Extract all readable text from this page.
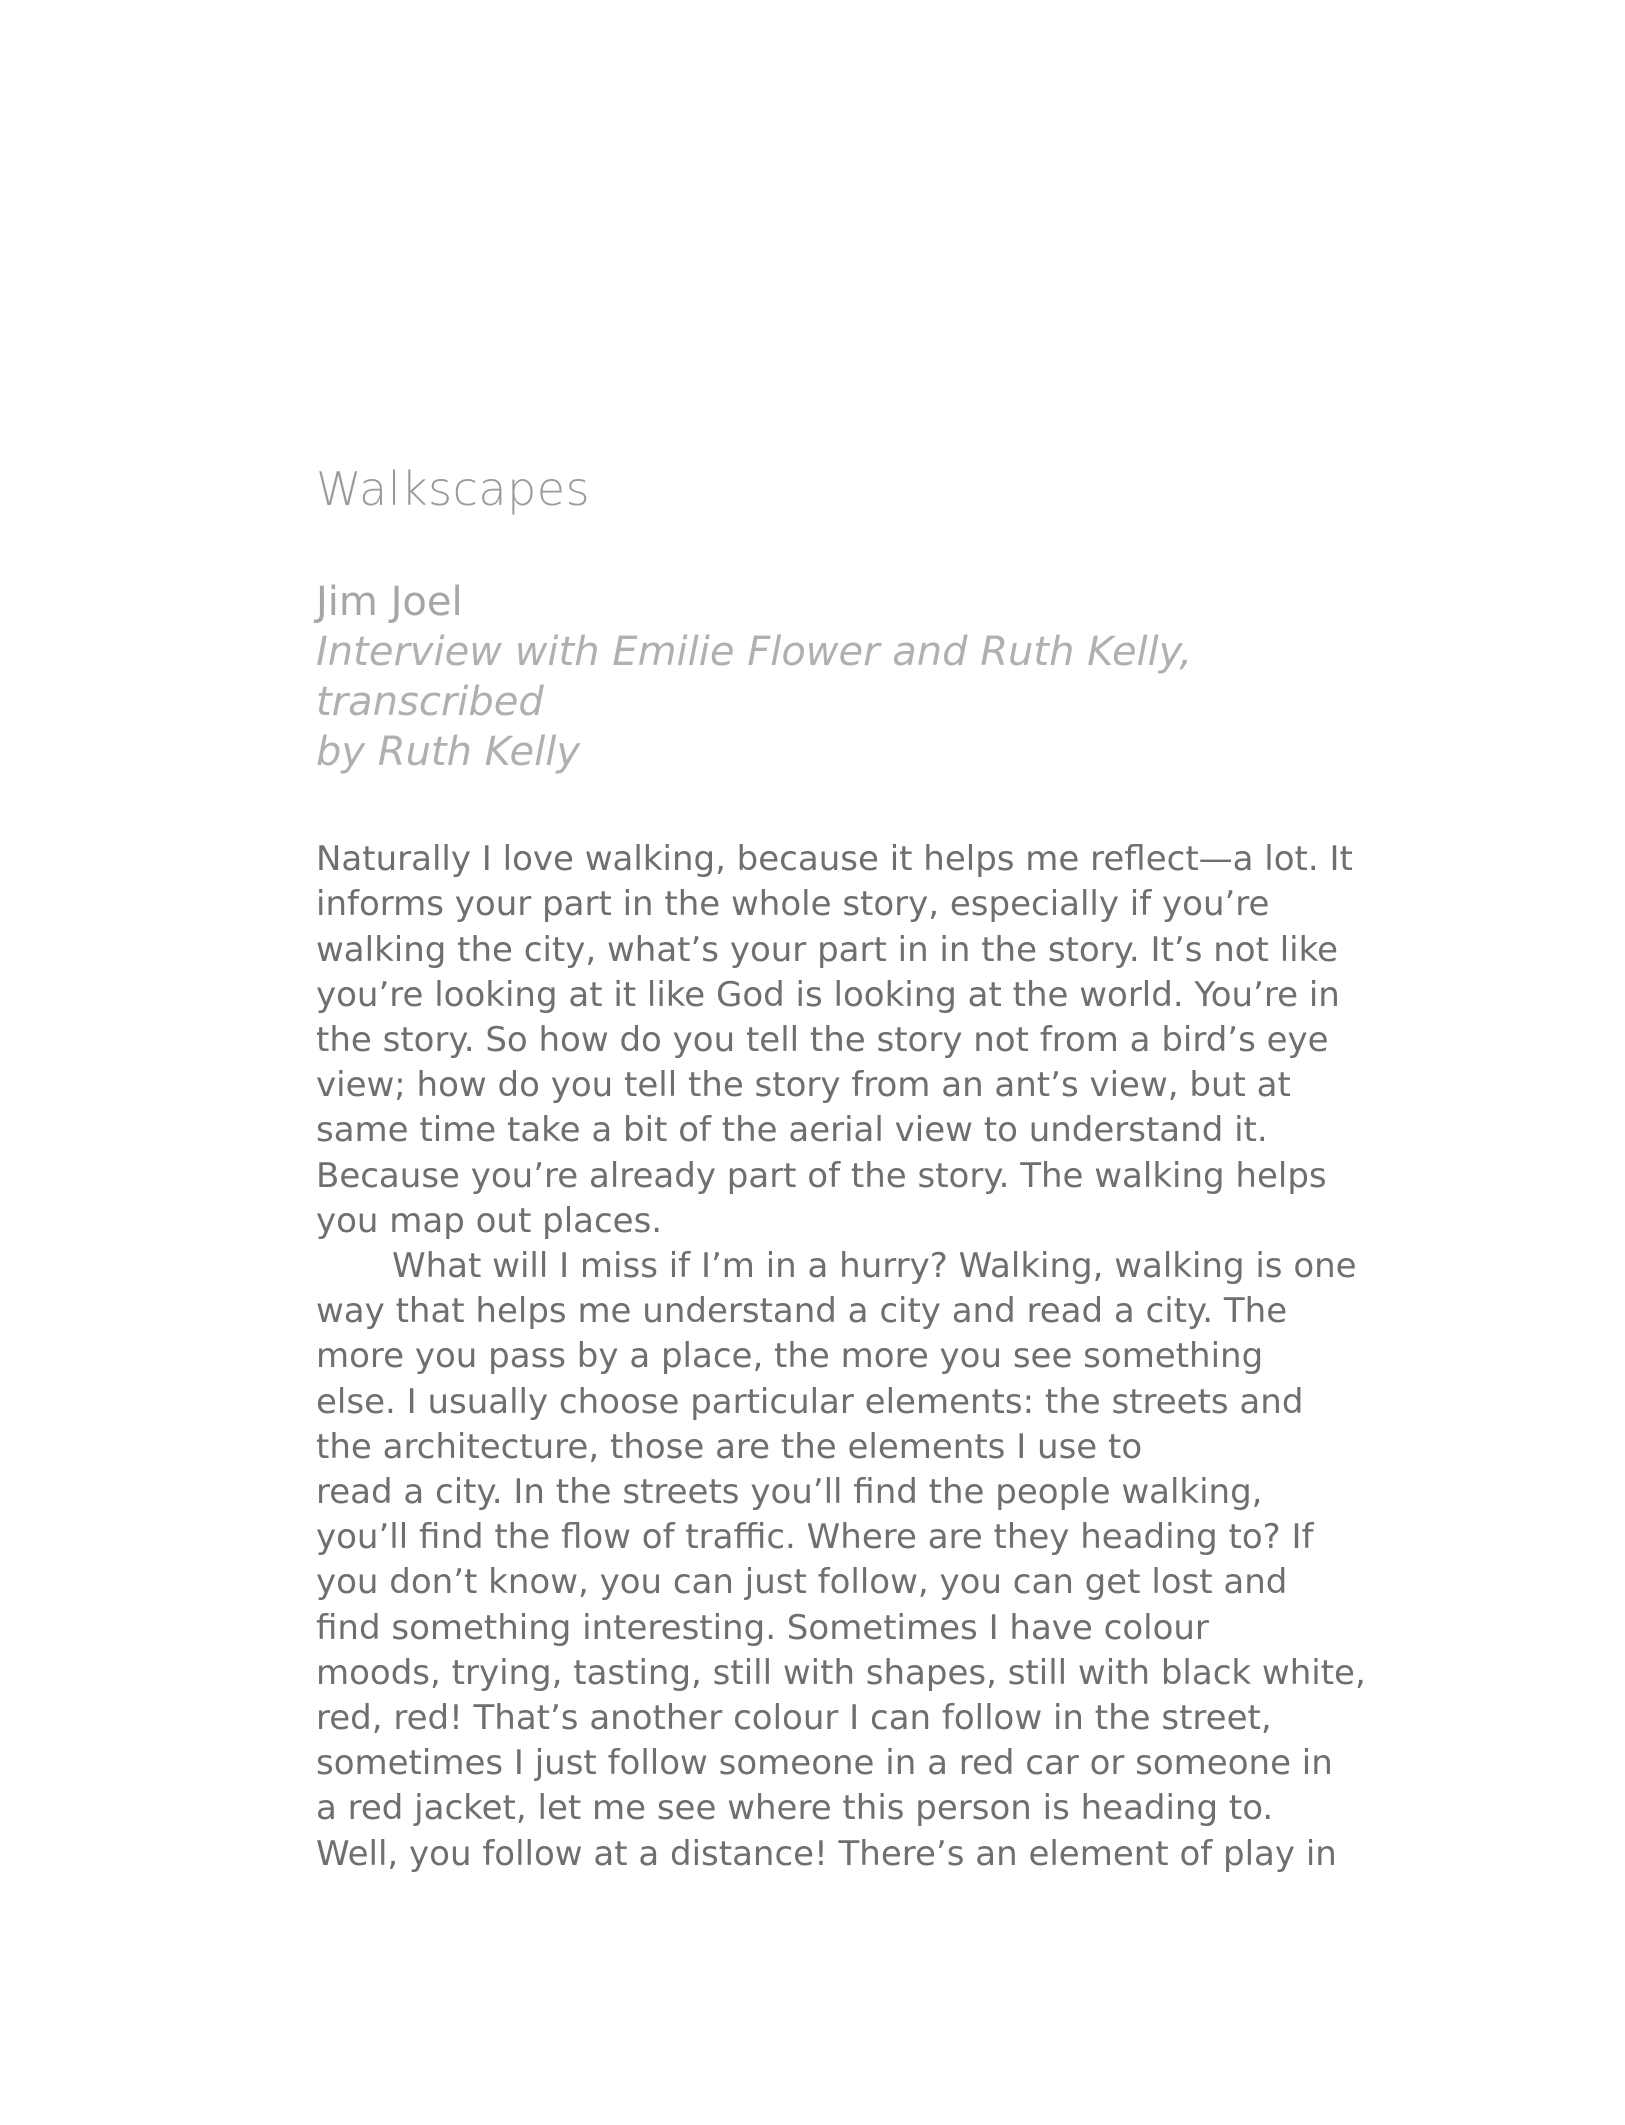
Walkscapes
Jim Joel
Interview with Emilie Flower and Ruth Kelly, transcribed
by Ruth Kelly
Naturally I love walking, because it helps me reflect—a lot. It
informs your part in the whole story, especially if you’re
walking the city, what’s your part in in the story. It’s not like
you’re looking at it like God is looking at the world. You’re in
the story. So how do you tell the story not from a bird’s eye
view; how do you tell the story from an ant’s view, but at
same time take a bit of the aerial view to understand it.
Because you’re already part of the story. The walking helps
you map out places.
What will I miss if I’m in a hurry? Walking, walking is one
way that helps me understand a city and read a city. The
more you pass by a place, the more you see something
else. I usually choose particular elements: the streets and
the architecture, those are the elements I use to
read a city. In the streets you’ll find the people walking,
you’ll find the flow of traffic. Where are they heading to? If
you don’t know, you can just follow, you can get lost and
find something interesting. Sometimes I have colour
moods, trying, tasting, still with shapes, still with black white,
red, red! That’s another colour I can follow in the street,
sometimes I just follow someone in a red car or someone in
a red jacket, let me see where this person is heading to.
Well, you follow at a distance! There’s an element of play in
